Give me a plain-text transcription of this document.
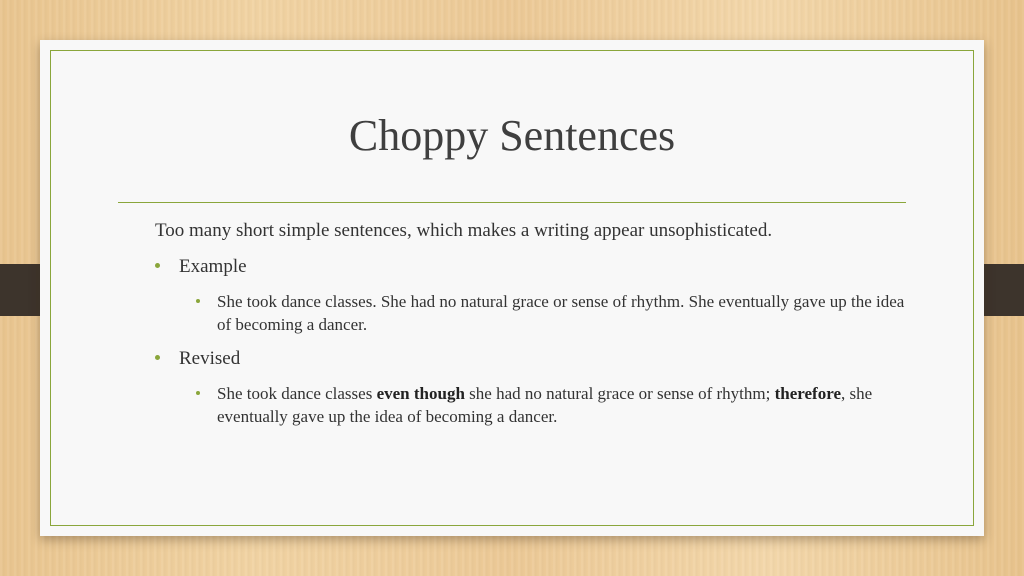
Choppy Sentences

Too many short simple sentences, which makes a writing appear unsophisticated.

Example
She took dance classes. She had no natural grace or sense of rhythm. She eventually gave up the idea of becoming a dancer.
Revised
She took dance classes even though she had no natural grace or sense of rhythm; therefore, she eventually gave up the idea of becoming a dancer.
